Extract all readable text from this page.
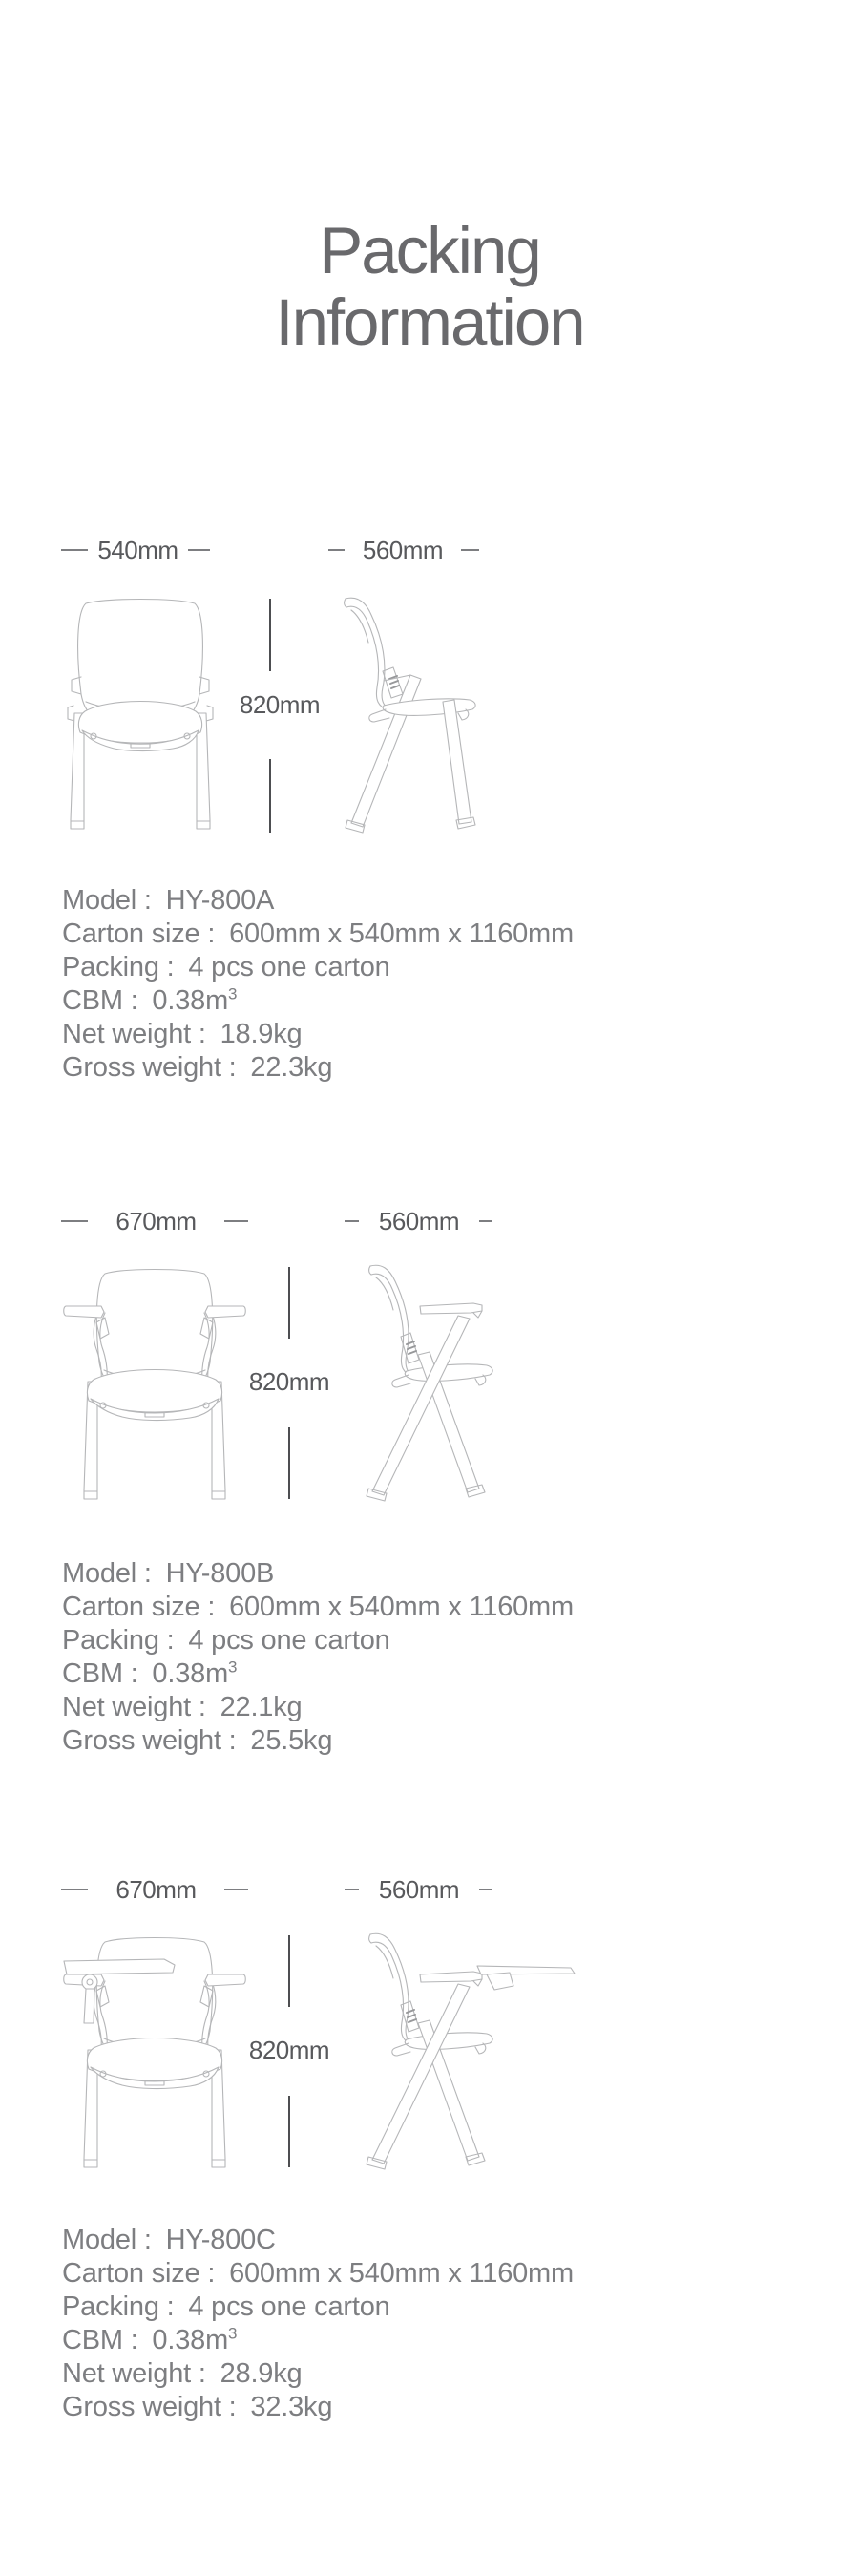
Packing
Information
540mm	560mm
820mm
Model : HY-800A
Carton size : 600mm x 540mm x 1160mm
Packing : 4 pcs one carton
CBM : $0.38m^3$
Net weight : 18.9kg
Gross weight : 22.3kg
670mm	560mm
820mm
Model : HY-800B
Carton size : 600mm x 540mm x 1160mm
Packing : 4 pcs one carton
CBM : $0.38m^3$
Net weight : 22.1kg
Gross weight : 25.5kg
670mm	560mm
820mm
Model : HY-800C
Carton size : 600mm x 540mm x 1160mm
Packing : 4 pcs one carton
CBM : $0.38m^3$
Net weight : 28.9kg
Gross weight : 32.3kg
